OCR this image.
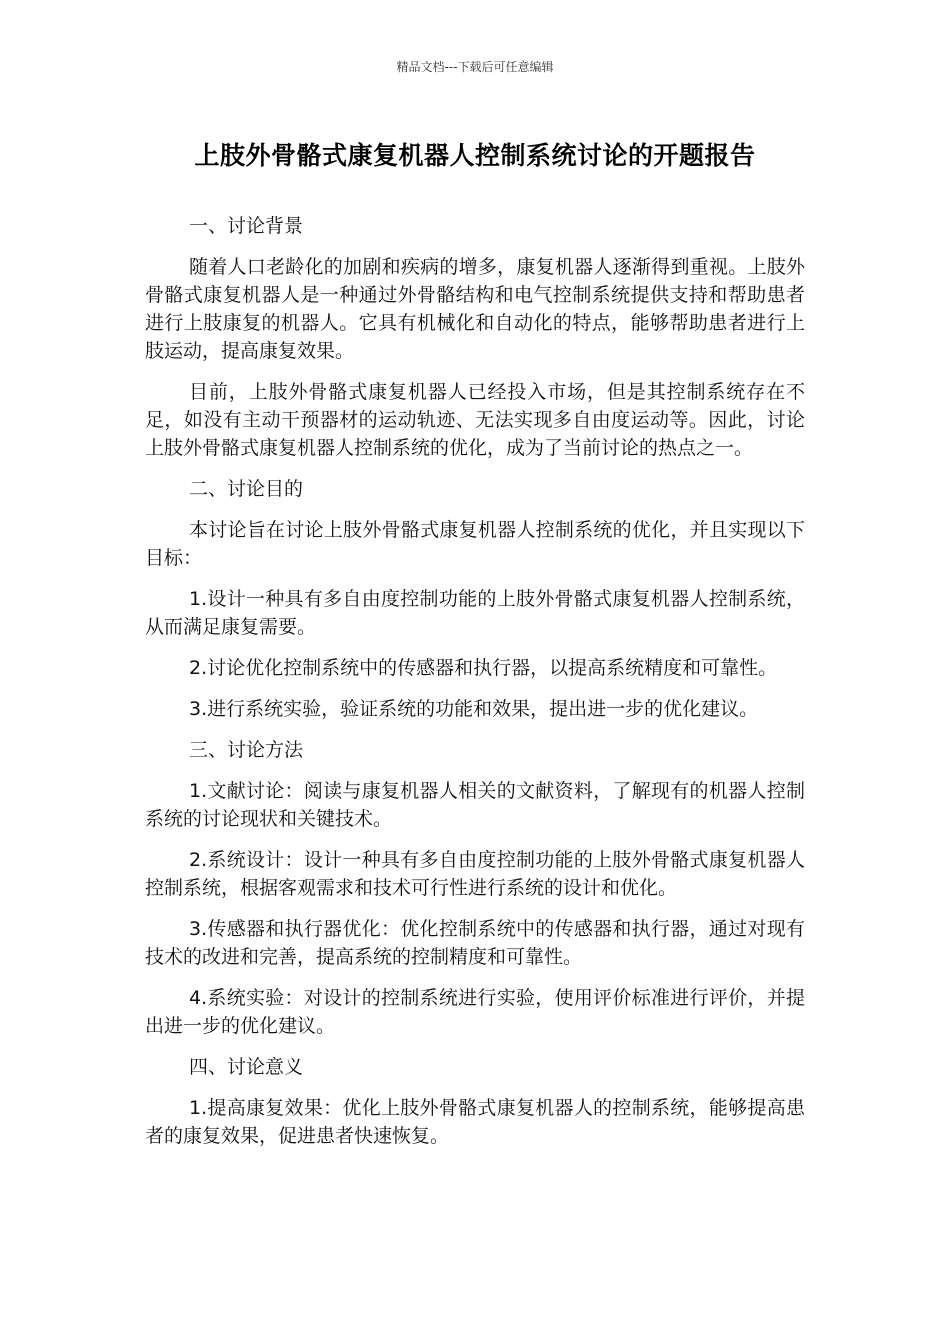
精品文档---下载后可任意编辑
上肢外骨骼式康复机器人控制系统讨论的开题报告

一、讨论背景

随着人口老龄化的加剧和疾病的增多，康复机器人逐渐得到重视。上肢外骨骼式康复机器人是一种通过外骨骼结构和电气控制系统提供支持和帮助患者进行上肢康复的机器人。它具有机械化和自动化的特点，能够帮助患者进行上肢运动，提高康复效果。

目前，上肢外骨骼式康复机器人已经投入市场，但是其控制系统存在不足，如没有主动干预器材的运动轨迹、无法实现多自由度运动等。因此，讨论上肢外骨骼式康复机器人控制系统的优化，成为了当前讨论的热点之一。

二、讨论目的

本讨论旨在讨论上肢外骨骼式康复机器人控制系统的优化，并且实现以下目标：

1.设计一种具有多自由度控制功能的上肢外骨骼式康复机器人控制系统，从而满足康复需要。

2.讨论优化控制系统中的传感器和执行器，以提高系统精度和可靠性。

3.进行系统实验，验证系统的功能和效果，提出进一步的优化建议。

三、讨论方法

1.文献讨论：阅读与康复机器人相关的文献资料，了解现有的机器人控制系统的讨论现状和关键技术。

2.系统设计：设计一种具有多自由度控制功能的上肢外骨骼式康复机器人控制系统，根据客观需求和技术可行性进行系统的设计和优化。

3.传感器和执行器优化：优化控制系统中的传感器和执行器，通过对现有技术的改进和完善，提高系统的控制精度和可靠性。

4.系统实验：对设计的控制系统进行实验，使用评价标准进行评价，并提出进一步的优化建议。

四、讨论意义

1.提高康复效果：优化上肢外骨骼式康复机器人的控制系统，能够提高患者的康复效果，促进患者快速恢复。
